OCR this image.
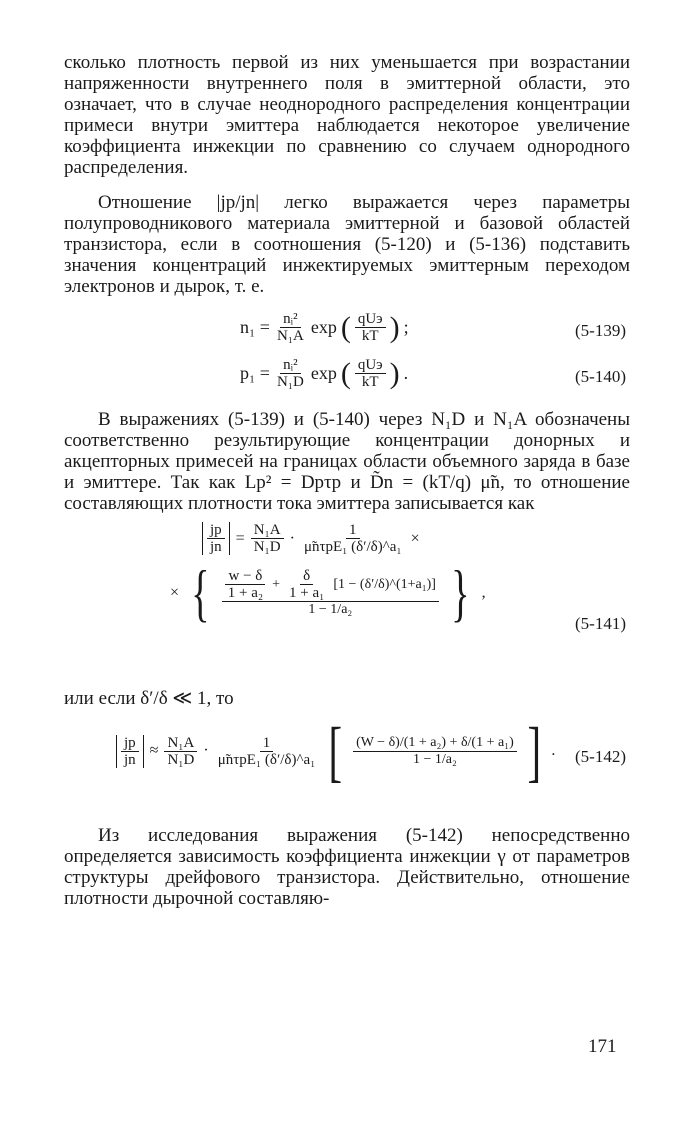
сколько плотность первой из них уменьшается при возрастании напряженности внутреннего поля в эмиттерной области, это означает, что в случае неоднородного распределения концентрации примеси внутри эмиттера наблюдается некоторое увеличение коэффициента инжекции по сравнению со случаем однородного распределения.

Отношение |jp/jn| легко выражается через параметры полупроводникового материала эмиттерной и базовой областей транзистора, если в соотношения (5-120) и (5-136) подставить значения концентраций инжектируемых эмиттерным переходом электронов и дырок, т. е.

$n_1 = \frac{\text{nᵢ²}}{\text{N₁A}}$ exp ( $\frac{\text{qUэ}}{kT}$ ) ;	(5-139)
$p_1 = \frac{\text{nᵢ²}}{\text{N₁D}}$ exp ( $\frac{\text{qUэ}}{kT}$ ) .	(5-140)

В выражениях (5-139) и (5-140) через N₁D и N₁A обозначены соответственно результирующие концентрации донорных и акцепторных примесей на границах области объемного заряда в базе и эмиттере. Так как Lp² = Dpτp и D̃n = (kT/q) μ̃n, то отношение составляющих плотности тока эмиттера записывается как

$\frac{jp}{jn} = \frac{\text{N₁A}}{\text{N₁D}} \cdot \frac{1}{\text{μ̃nτpE₁ (δ′/δ)\textasciicircum{}a₁}}$ ×
× { $\frac{w - \delta}{\text{1 + a₂}} + \frac{\delta}{\text{1 + a₁}} [1$ − (δ′/δ)^(1+a₁)]
1 − 1/a₂ } ,
(5-141)

или если δ′/δ ≪ 1, то

$\frac{jp}{jn} \approx \frac{\text{N₁A}}{\text{N₁D}} \cdot \frac{1}{\text{μ̃nτpE₁ (δ′/δ)\textasciicircum{}a₁}}$ [ $\frac{\text{(W − δ)/(1 + a₂) + δ/(1 + a₁)}}{\text{1 − 1/a₂}}$ ] . (5-142)

Из исследования выражения (5-142) непосредственно определяется зависимость коэффициента инжекции γ от параметров структуры дрейфового транзистора. Действительно, отношение плотности дырочной составляю-

171
